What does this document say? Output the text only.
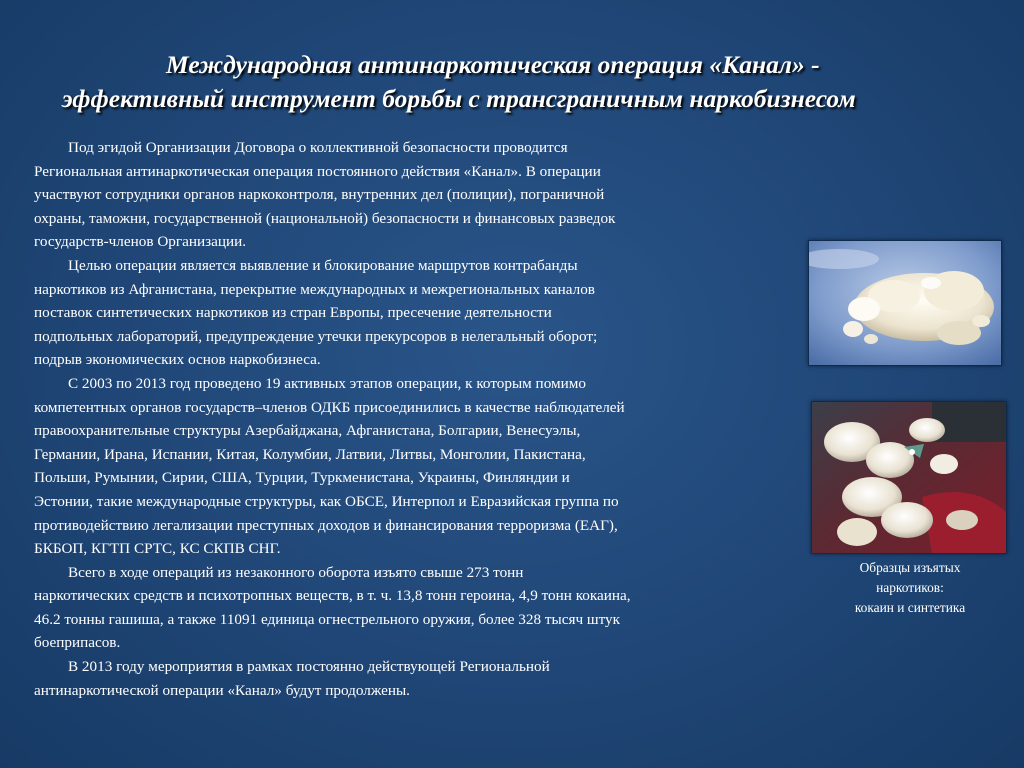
Международная антинаркотическая операция «Канал» -
эффективный инструмент борьбы с трансграничным наркобизнесом

Под эгидой Организации Договора о коллективной безопасности проводится
Региональная антинаркотическая операция постоянного действия «Канал». В операции
участвуют сотрудники органов наркоконтроля, внутренних дел (полиции), пограничной
охраны, таможни, государственной (национальной) безопасности и финансовых разведок
государств-членов Организации.

Целью операции является выявление и блокирование маршрутов контрабанды
наркотиков из Афганистана, перекрытие международных и межрегиональных каналов
поставок синтетических наркотиков из стран Европы, пресечение деятельности
подпольных лабораторий, предупреждение утечки прекурсоров в нелегальный оборот;
подрыв экономических основ наркобизнеса.

С 2003 по 2013 год проведено 19 активных этапов операции, к которым помимо
компетентных органов государств–членов ОДКБ присоединились в качестве наблюдателей
правоохранительные структуры Азербайджана, Афганистана, Болгарии, Венесуэлы,
Германии, Ирана, Испании, Китая, Колумбии, Латвии, Литвы, Монголии, Пакистана,
Польши, Румынии, Сирии, США, Турции, Туркменистана, Украины, Финляндии и
Эстонии, такие международные структуры, как ОБСЕ, Интерпол и Евразийская группа по
противодействию легализации преступных доходов и финансирования терроризма (ЕАГ),
БКБОП, КГТП СРТС, КС СКПВ СНГ.

Всего в ходе операций из незаконного оборота изъято свыше 273 тонн
наркотических средств и психотропных веществ, в т. ч. 13,8 тонн героина, 4,9 тонн кокаина,
46.2 тонны гашиша, а также 11091 единица огнестрельного оружия, более 328 тысяч штук
боеприпасов.

В 2013 году мероприятия в рамках постоянно действующей Региональной
антинаркотической операции «Канал» будут продолжены.

Образцы изъятых
наркотиков:
кокаин и синтетика
